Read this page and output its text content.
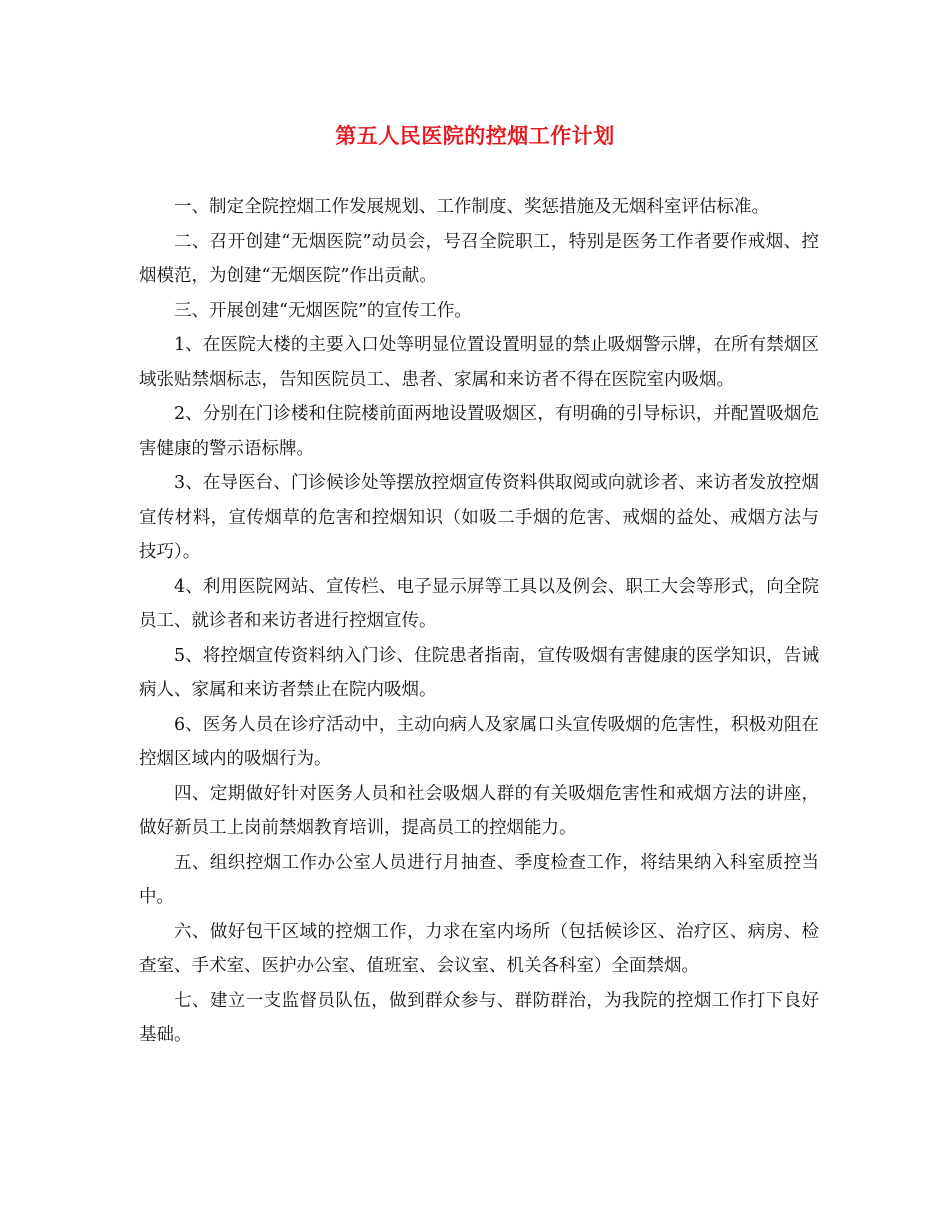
第五人民医院的控烟工作计划

一、制定全院控烟工作发展规划、工作制度、奖惩措施及无烟科室评估标准。

二、召开创建“无烟医院”动员会，号召全院职工，特别是医务工作者要作戒烟、控烟模范，为创建“无烟医院”作出贡献。

三、开展创建“无烟医院”的宣传工作。

1、在医院大楼的主要入口处等明显位置设置明显的禁止吸烟警示牌，在所有禁烟区域张贴禁烟标志，告知医院员工、患者、家属和来访者不得在医院室内吸烟。

2、分别在门诊楼和住院楼前面两地设置吸烟区，有明确的引导标识，并配置吸烟危害健康的警示语标牌。

3、在导医台、门诊候诊处等摆放控烟宣传资料供取阅或向就诊者、来访者发放控烟宣传材料，宣传烟草的危害和控烟知识（如吸二手烟的危害、戒烟的益处、戒烟方法与技巧）。

4、利用医院网站、宣传栏、电子显示屏等工具以及例会、职工大会等形式，向全院员工、就诊者和来访者进行控烟宣传。

5、将控烟宣传资料纳入门诊、住院患者指南，宣传吸烟有害健康的医学知识，告诫病人、家属和来访者禁止在院内吸烟。

6、医务人员在诊疗活动中，主动向病人及家属口头宣传吸烟的危害性，积极劝阻在控烟区域内的吸烟行为。

四、定期做好针对医务人员和社会吸烟人群的有关吸烟危害性和戒烟方法的讲座，做好新员工上岗前禁烟教育培训，提高员工的控烟能力。

五、组织控烟工作办公室人员进行月抽查、季度检查工作，将结果纳入科室质控当中。

六、做好包干区域的控烟工作，力求在室内场所（包括候诊区、治疗区、病房、检查室、手术室、医护办公室、值班室、会议室、机关各科室）全面禁烟。

七、建立一支监督员队伍，做到群众参与、群防群治，为我院的控烟工作打下良好基础。
